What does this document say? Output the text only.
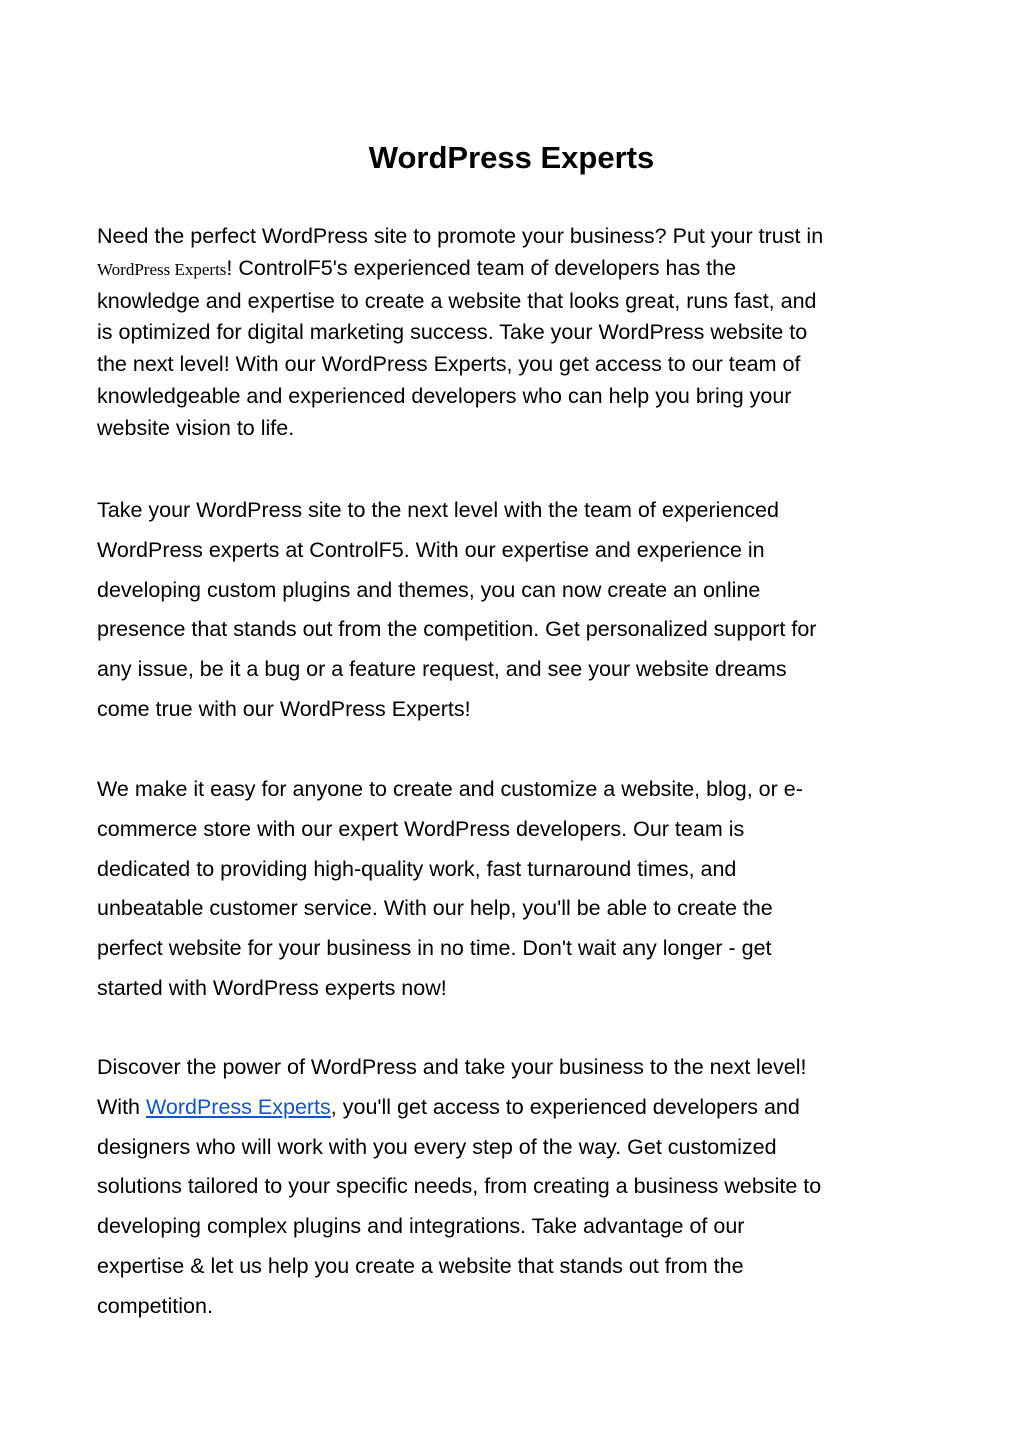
WordPress Experts

Need the perfect WordPress site to promote your business? Put your trust in
WordPress Experts! ControlF5's experienced team of developers has the
knowledge and expertise to create a website that looks great, runs fast, and
is optimized for digital marketing success. Take your WordPress website to
the next level! With our WordPress Experts, you get access to our team of
knowledgeable and experienced developers who can help you bring your
website vision to life.

Take your WordPress site to the next level with the team of experienced
WordPress experts at ControlF5. With our expertise and experience in
developing custom plugins and themes, you can now create an online
presence that stands out from the competition. Get personalized support for
any issue, be it a bug or a feature request, and see your website dreams
come true with our WordPress Experts!

We make it easy for anyone to create and customize a website, blog, or e-
commerce store with our expert WordPress developers. Our team is
dedicated to providing high-quality work, fast turnaround times, and
unbeatable customer service. With our help, you'll be able to create the
perfect website for your business in no time. Don't wait any longer - get
started with WordPress experts now!

Discover the power of WordPress and take your business to the next level!
With WordPress Experts, you'll get access to experienced developers and
designers who will work with you every step of the way. Get customized
solutions tailored to your specific needs, from creating a business website to
developing complex plugins and integrations. Take advantage of our
expertise & let us help you create a website that stands out from the
competition.
